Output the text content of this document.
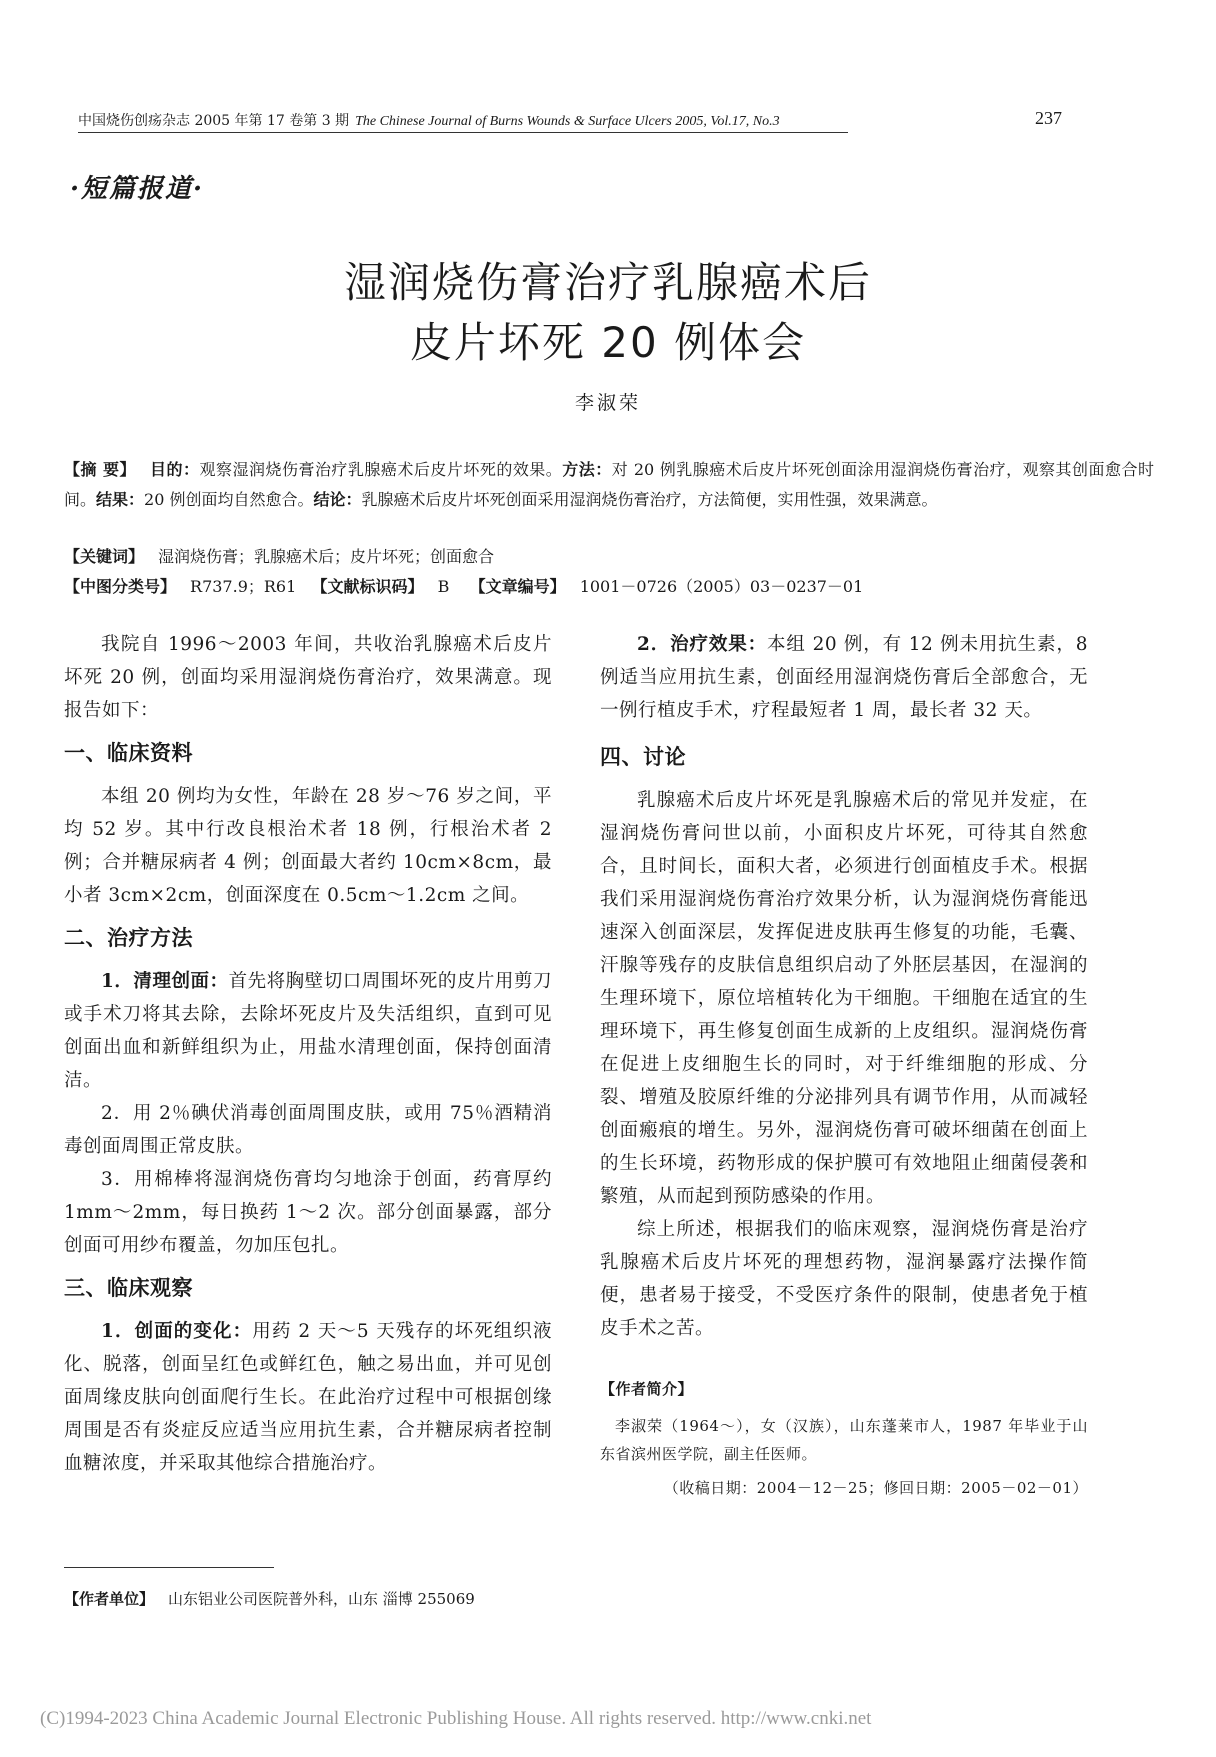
中国烧伤创疡杂志 2005 年第 17 卷第 3 期 The Chinese Journal of Burns Wounds & Surface Ulcers 2005, Vol.17, No.3	237
·短篇报道·
湿润烧伤膏治疗乳腺癌术后
皮片坏死 20 例体会
李淑荣
【摘 要】 目的：观察湿润烧伤膏治疗乳腺癌术后皮片坏死的效果。方法：对 20 例乳腺癌术后皮片坏死创面涂用湿润烧伤膏治疗，观察其创面愈合时间。结果：20 例创面均自然愈合。结论：乳腺癌术后皮片坏死创面采用湿润烧伤膏治疗，方法简便，实用性强，效果满意。
【关键词】 湿润烧伤膏；乳腺癌术后；皮片坏死；创面愈合
【中图分类号】 R737.9；R61 【文献标识码】 B 【文章编号】 1001－0726（2005）03－0237－01

我院自 1996～2003 年间，共收治乳腺癌术后皮片坏死 20 例，创面均采用湿润烧伤膏治疗，效果满意。现报告如下：

一、临床资料

本组 20 例均为女性，年龄在 28 岁～76 岁之间，平均 52 岁。其中行改良根治术者 18 例，行根治术者 2 例；合并糖尿病者 4 例；创面最大者约 10cm×8cm，最小者 3cm×2cm，创面深度在 0.5cm～1.2cm 之间。

二、治疗方法

1．清理创面：首先将胸壁切口周围坏死的皮片用剪刀或手术刀将其去除，去除坏死皮片及失活组织，直到可见创面出血和新鲜组织为止，用盐水清理创面，保持创面清洁。

2．用 2％碘伏消毒创面周围皮肤，或用 75％酒精消毒创面周围正常皮肤。

3．用棉棒将湿润烧伤膏均匀地涂于创面，药膏厚约 1mm～2mm，每日换药 1～2 次。部分创面暴露，部分创面可用纱布覆盖，勿加压包扎。

三、临床观察

1．创面的变化：用药 2 天～5 天残存的坏死组织液化、脱落，创面呈红色或鲜红色，触之易出血，并可见创面周缘皮肤向创面爬行生长。在此治疗过程中可根据创缘周围是否有炎症反应适当应用抗生素，合并糖尿病者控制血糖浓度，并采取其他综合措施治疗。

2．治疗效果：本组 20 例，有 12 例未用抗生素，8 例适当应用抗生素，创面经用湿润烧伤膏后全部愈合，无一例行植皮手术，疗程最短者 1 周，最长者 32 天。

四、讨论

乳腺癌术后皮片坏死是乳腺癌术后的常见并发症，在湿润烧伤膏问世以前，小面积皮片坏死，可待其自然愈合，且时间长，面积大者，必须进行创面植皮手术。根据我们采用湿润烧伤膏治疗效果分析，认为湿润烧伤膏能迅速深入创面深层，发挥促进皮肤再生修复的功能，毛囊、汗腺等残存的皮肤信息组织启动了外胚层基因，在湿润的生理环境下，原位培植转化为干细胞。干细胞在适宜的生理环境下，再生修复创面生成新的上皮组织。湿润烧伤膏在促进上皮细胞生长的同时，对于纤维细胞的形成、分裂、增殖及胶原纤维的分泌排列具有调节作用，从而减轻创面瘢痕的增生。另外，湿润烧伤膏可破坏细菌在创面上的生长环境，药物形成的保护膜可有效地阻止细菌侵袭和繁殖，从而起到预防感染的作用。

综上所述，根据我们的临床观察，湿润烧伤膏是治疗乳腺癌术后皮片坏死的理想药物，湿润暴露疗法操作简便，患者易于接受，不受医疗条件的限制，使患者免于植皮手术之苦。

【作者简介】
李淑荣（1964～），女（汉族），山东蓬莱市人，1987 年毕业于山东省滨州医学院，副主任医师。
（收稿日期：2004－12－25；修回日期：2005－02－01）
【作者单位】 山东铝业公司医院普外科，山东 淄博 255069
(C)1994-2023 China Academic Journal Electronic Publishing House. All rights reserved. http://www.cnki.net
